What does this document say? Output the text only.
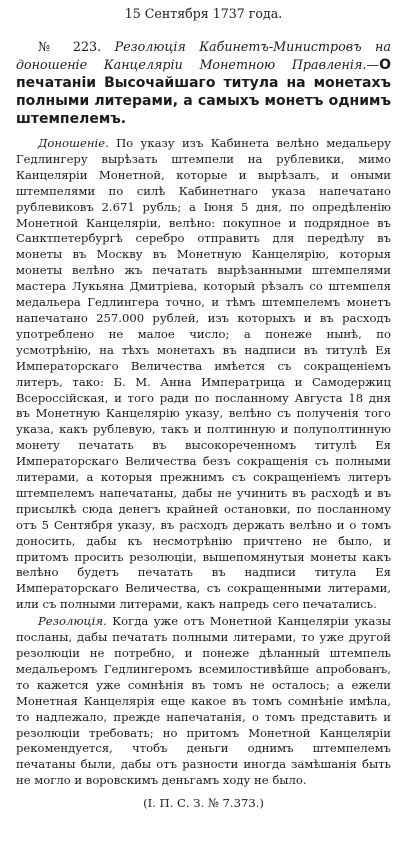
15 Сентября 1737 года.

№ 223. Резолюція Кабинетъ-Министровъ на доношеніе Канцеляріи Монетною Правленія.—О печатаніи Высочайшаго титула на монетахъ полными литерами, а самыхъ монетъ однимъ штемпелемъ.

Доношеніе. По указу изъ Кабинета велѣно медальеру Гедлингеру вырѣзать штемпели на рублевики, мимо Канцеляріи Монетной, которые и вырѣзалъ, и оными штемпелями по силѣ Кабинетнаго указа напечатано рублевиковъ 2.671 рубль; а Іюня 5 дня, по опредѣленію Монетной Канцеляріи, велѣно: покупное и подрядное въ Санктпетербургѣ серебро отправить для передѣлу въ монеты въ Москву въ Монетную Канцелярію, которыя монеты велѣно жъ печатать вырѣзанными штемпелями мастера Лукьяна Дмитріева, который рѣзалъ со штемпеля медальера Гедлингера точно, и тѣмъ штемпелемъ монетъ напечатано 257.000 рублей, изъ которыхъ и въ расходъ употреблено не малое число; а понеже нынѣ, по усмотрѣнію, на тѣхъ монетахъ въ надписи въ титулѣ Ея Императорскаго Величества имѣется съ сокращеніемъ литеръ, тако: Б. М. Анна Императрица и Самодержиц Всероссійская, и того ради по посланному Августа 18 дня въ Монетную Канцелярію указу, велѣно съ полученія того указа, какъ рублевую, такъ и полтинную и полуполтинную монету печатать въ высокореченномъ титулѣ Ея Императорскаго Величества безъ сокращенія съ полными литерами, а которыя прежнимъ съ сокращеніемъ литеръ штемпелемъ напечатаны, дабы не учинить въ расходѣ и въ присылкѣ сюда денегъ крайней остановки, по посланному отъ 5 Сентября указу, въ расходъ держать велѣно и о томъ доносить, дабы къ несмотрѣнію причтено не было, и притомъ просить резолюціи, вышепомянутыя монеты какъ велѣно будетъ печатать въ надписи титула Ея Императорскаго Величества, съ сокращенными литерами, или съ полными литерами, какъ напредь сего печатались.

Резолюція. Когда уже отъ Монетной Канцеляріи указы посланы, дабы печатать полными литерами, то уже другой резолюціи не потребно, и понеже дѣланный штемпель медальеромъ Гедлингеромъ всемилостивѣйше апробованъ, то кажется уже сомнѣнія въ томъ не осталось; а ежели Монетная Канцелярія еще какое въ томъ сомнѣніе имѣла, то надлежало, прежде напечатанія, о томъ представить и резолюціи требовать; но притомъ Монетной Канцеляріи рекомендуется, чтобъ деньги однимъ штемпелемъ печатаны были, дабы отъ разности иногда замѣшанія быть не могло и воровскимъ деньгамъ ходу не было.

(I. П. С. З. № 7.373.)
